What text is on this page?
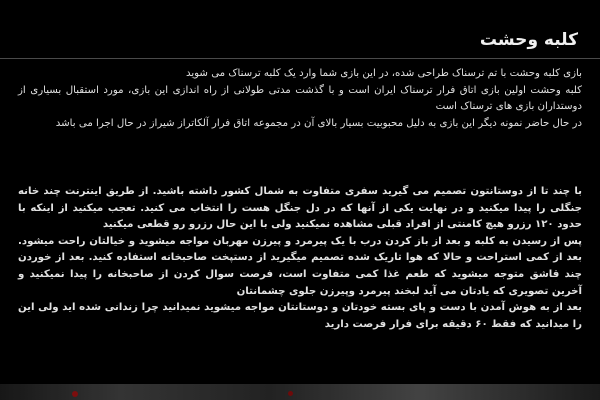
کلبه وحشت

بازی کلبه وحشت با تم ترسناک طراحی شده، در این بازی شما وارد یک کلبه ترسناک می شوید

کلبه وحشت اولین بازی اتاق فرار ترسناک ایران است و با گذشت مدتی طولانی از راه اندازی این بازی، مورد استقبال بسیاری از دوستداران بازی های ترسناک است

در حال حاضر نمونه دیگر این بازی به دلیل محبوبیت بسیار بالای آن در مجموعه اتاق فرار آلکاتراز شیراز در حال اجرا می باشد

با چند تا از دوستانتون تصمیم می گیرید سفری متفاوت به شمال کشور داشته باشید. از طریق اینترنت چند خانه جنگلی را پیدا میکنید و در نهایت یکی از آنها که در دل جنگل هست را انتخاب می کنید. تعجب میکنید از اینکه با حدود ۱۲۰ رزرو هیچ کامنتی از افراد قبلی مشاهده نمیکنید ولی با این حال رزرو رو قطعی میکنید

پس از رسیدن به کلبه و بعد از باز کردن درب با یک پیرمرد و پیرزن مهربان مواجه میشوید و خیالتان راحت میشود. بعد از کمی استراحت و حالا که هوا تاریک شده تصمیم میگیرید از دستپخت صاحبخانه استفاده کنید. بعد از خوردن چند قاشق متوجه میشوید که طعم غذا کمی متفاوت است، فرصت سوال کردن از صاحبخانه را پیدا نمیکنید و آخرین تصویری که یادتان می آید لبخند پیرمرد وپیرزن جلوی چشمانتان

بعد از به هوش آمدن با دست و پای بسته خودتان و دوستانتان مواجه میشوید نمیدانید چرا زندانی شده اید ولی این را میدانید که فقط ۶۰ دقیقه برای فرار فرصت دارید
